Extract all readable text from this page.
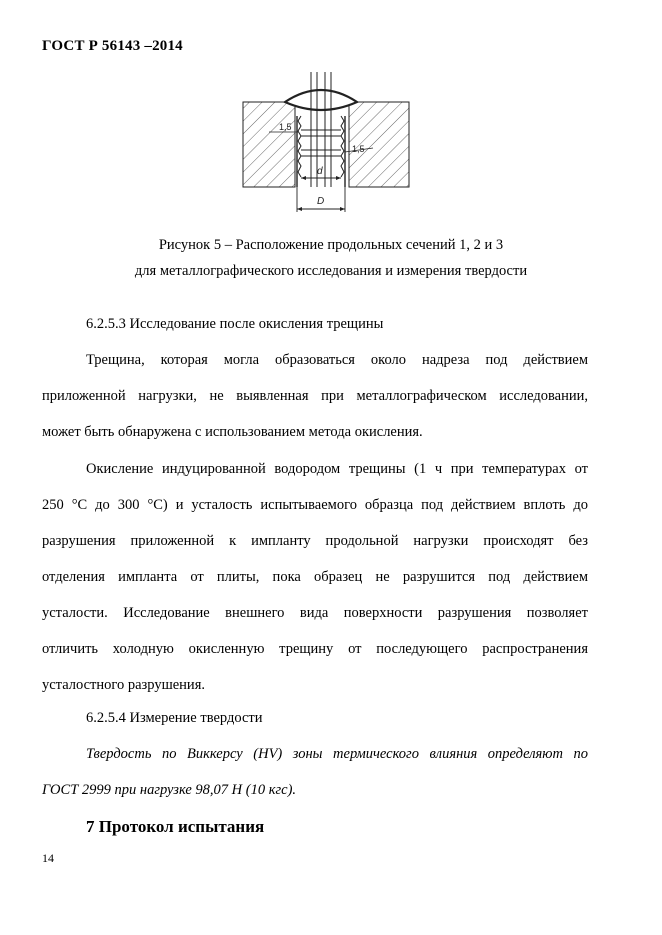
ГОСТ Р 56143 –2014
1,5
1,5
d
D
Рисунок 5 – Расположение продольных сечений 1, 2 и 3
для металлографического исследования и измерения твердости
6.2.5.3 Исследование после окисления трещины
Трещина, которая могла образоваться около надреза под действием
приложенной нагрузки, не выявленная при металлографическом исследовании,
может быть обнаружена с использованием метода окисления.
Окисление индуцированной водородом трещины (1 ч при температурах от
250 °С до 300 °С) и усталость испытываемого образца под действием вплоть до
разрушения приложенной к импланту продольной нагрузки происходят без
отделения импланта от плиты, пока образец не разрушится под действием
усталости. Исследование внешнего вида поверхности разрушения позволяет
отличить холодную окисленную трещину от последующего распространения
усталостного разрушения.
6.2.5.4 Измерение твердости
Твердость по Виккерсу (HV) зоны термического влияния определяют по
ГОСТ 2999 при нагрузке 98,07 Н (10 кгс).
7 Протокол испытания
14
